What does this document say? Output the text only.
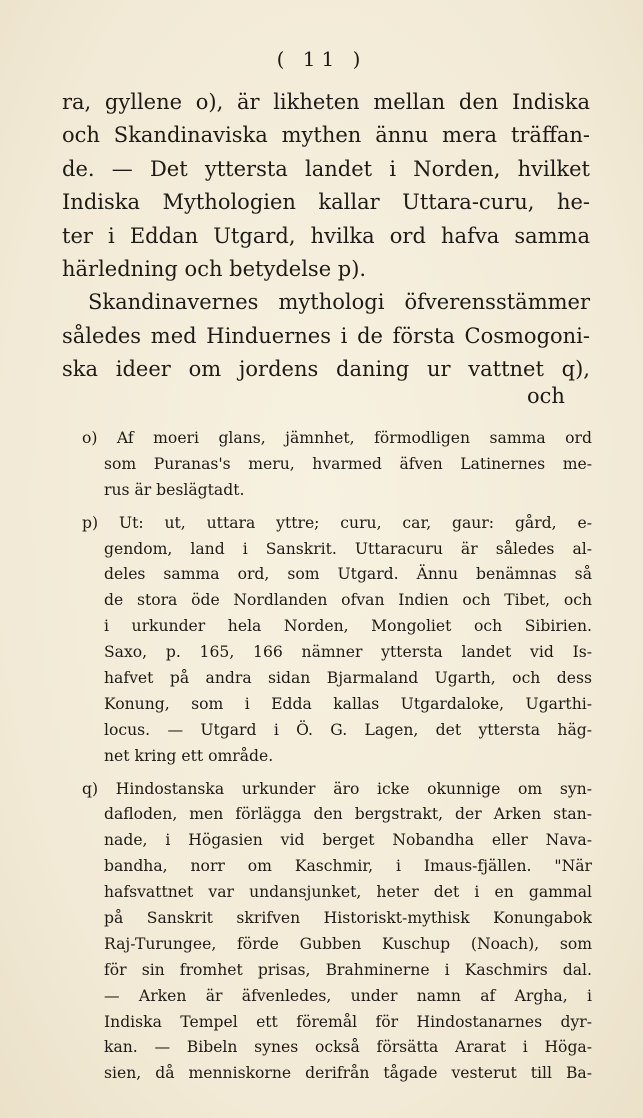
( 11 )
ra, gyllene o), är likheten mellan den Indiska
och Skandinaviska mythen ännu mera träffan-
de. — Det yttersta landet i Norden, hvilket
Indiska Mythologien kallar Uttara-curu, he-
ter i Eddan Utgard, hvilka ord hafva samma
härledning och betydelse p).
Skandinavernes mythologi öfverensstämmer
således med Hinduernes i de första Cosmogoni-
ska ideer om jordens daning ur vattnet q),
och
o) Af moeri glans, jämnhet, förmodligen samma ord
som Puranas's meru, hvarmed äfven Latinernes me-
rus är beslägtadt.
p) Ut: ut, uttara yttre; curu, car, gaur: gård, e-
gendom, land i Sanskrit. Uttaracuru är således al-
deles samma ord, som Utgard. Ännu benämnas så
de stora öde Nordlanden ofvan Indien och Tibet, och
i urkunder hela Norden, Mongoliet och Sibirien.
Saxo, p. 165, 166 nämner yttersta landet vid Is-
hafvet på andra sidan Bjarmaland Ugarth, och dess
Konung, som i Edda kallas Utgardaloke, Ugarthi-
locus. — Utgard i Ö. G. Lagen, det yttersta häg-
net kring ett område.
q) Hindostanska urkunder äro icke okunnige om syn-
dafloden, men förlägga den bergstrakt, der Arken stan-
nade, i Högasien vid berget Nobandha eller Nava-
bandha, norr om Kaschmir, i Imaus-fjällen. "När
hafsvattnet var undansjunket, heter det i en gammal
på Sanskrit skrifven Historiskt-mythisk Konungabok
Raj-Turungee, förde Gubben Kuschup (Noach), som
för sin fromhet prisas, Brahminerne i Kaschmirs dal.
— Arken är äfvenledes, under namn af Argha, i
Indiska Tempel ett föremål för Hindostanarnes dyr-
kan. — Bibeln synes också försätta Ararat i Höga-
sien, då menniskorne derifrån tågade vesterut till Ba-
